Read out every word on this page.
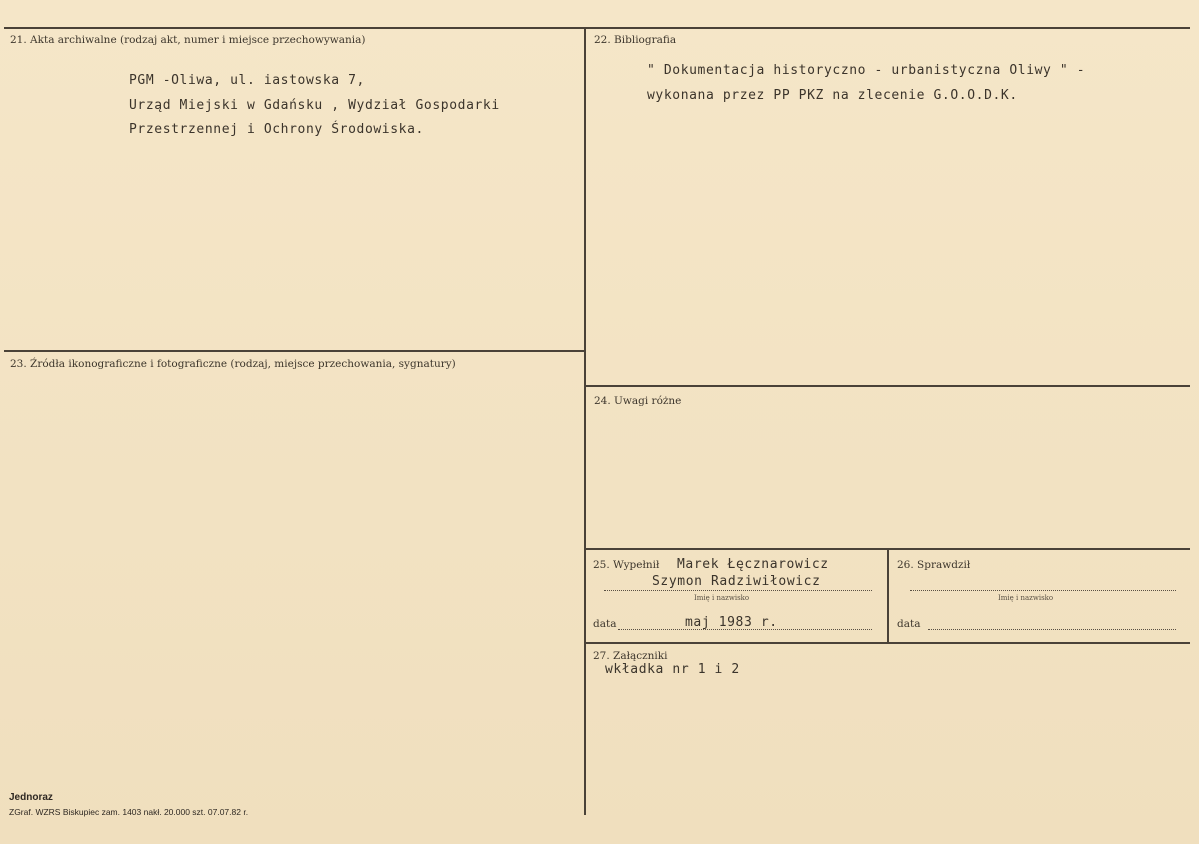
21. Akta archiwalne (rodzaj akt, numer i miejsce przechowywania)
PGM -Oliwa, ul. iastowska 7,
Urząd Miejski w Gdańsku , Wydział Gospodarki
Przestrzennej i Ochrony Środowiska.
22. Bibliografia
" Dokumentacja historyczno - urbanistyczna Oliwy " -
wykonana przez PP PKZ na zlecenie G.O.O.D.K.
23. Źródła ikonograficzne i fotograficzne (rodzaj, miejsce przechowania, sygnatury)
24. Uwagi różne
25. Wypełnił Marek Łęcznarowicz
Szymon Radziwiłowicz
Imię i nazwisko
data	maj 1983 r.
26. Sprawdził
Imię i nazwisko
data
27. Załączniki
wkładka nr 1 i 2
Jednoraz
ZGraf. WZRS Biskupiec zam. 1403 nakł. 20.000 szt. 07.07.82 r.
